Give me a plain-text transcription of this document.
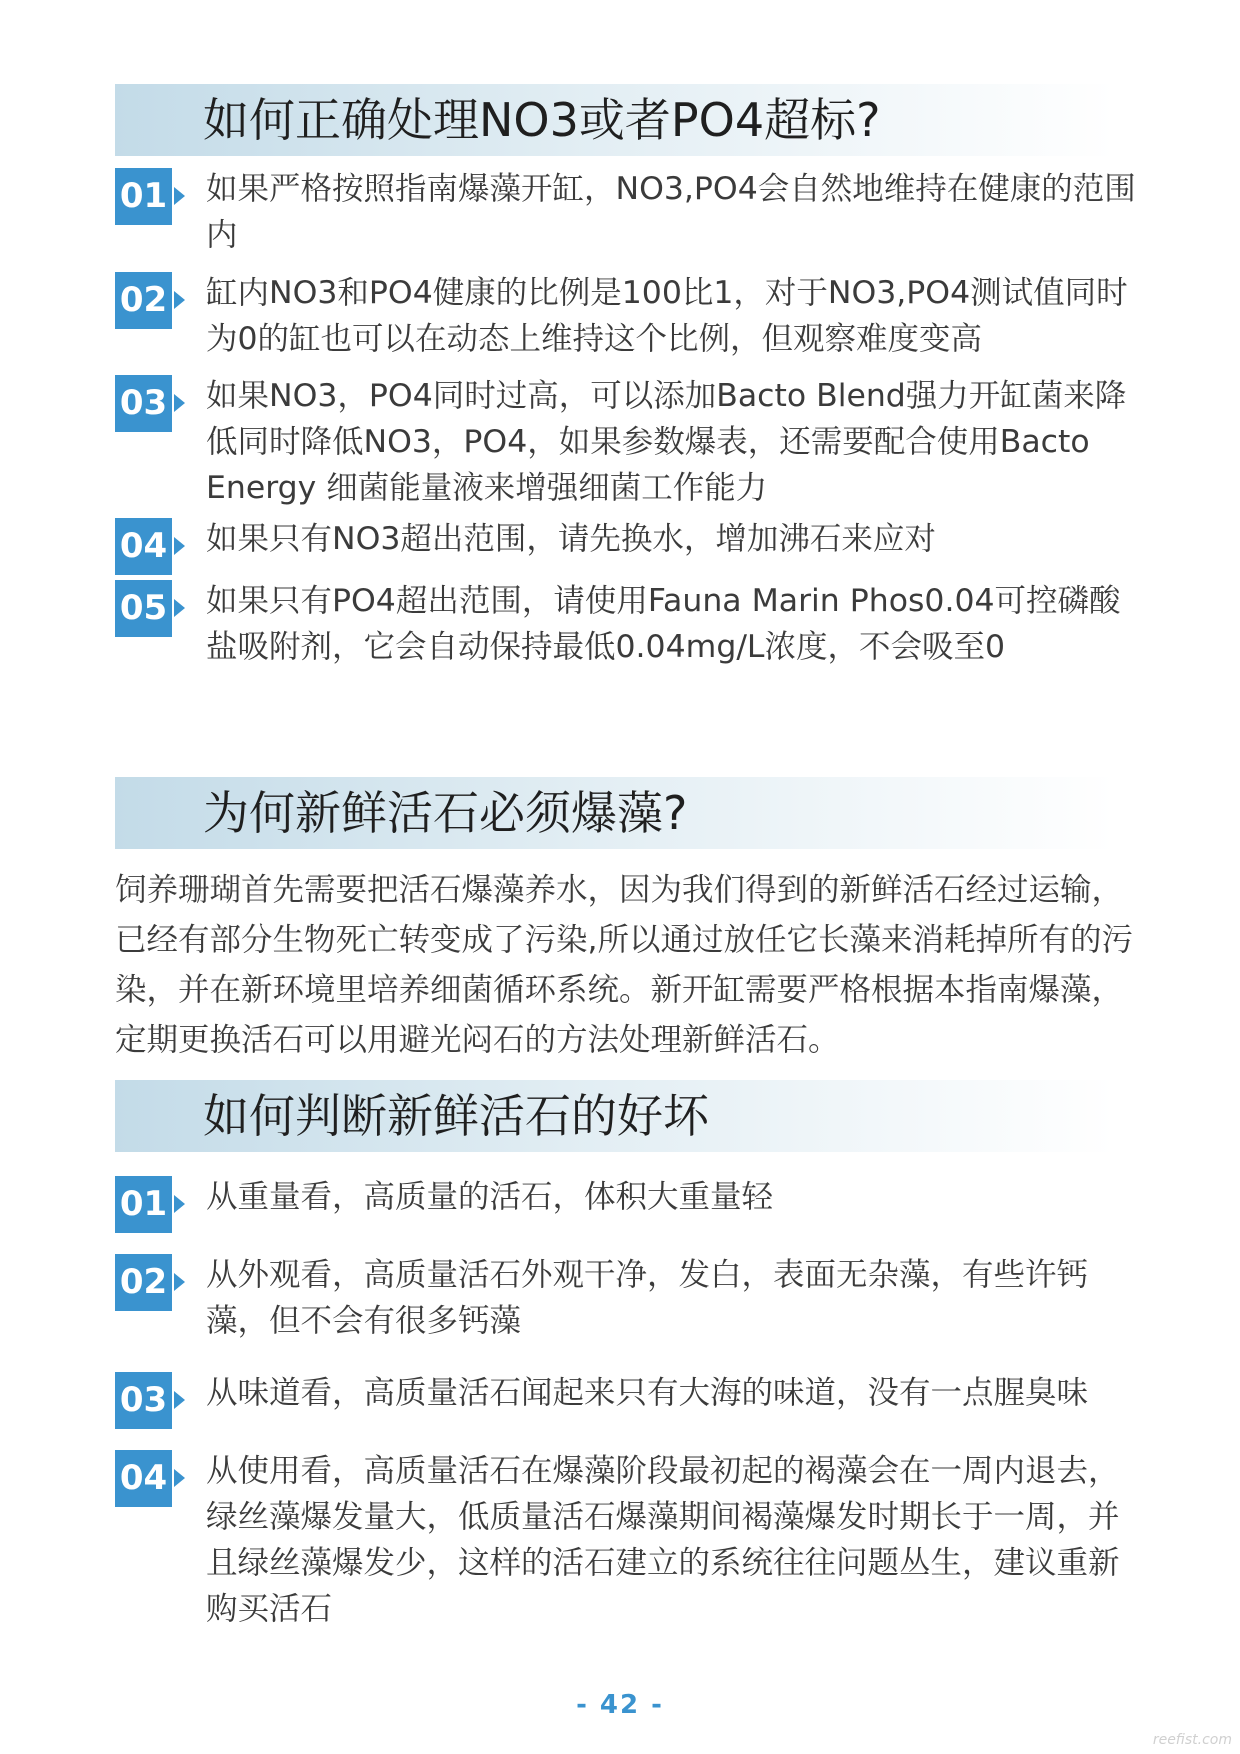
如何正确处理NO3或者PO4超标?
01 如果严格按照指南爆藻开缸，NO3,PO4会自然地维持在健康的范围内
02 缸内NO3和PO4健康的比例是100比1，对于NO3,PO4测试值同时为0的缸也可以在动态上维持这个比例，但观察难度变高
03 如果NO3，PO4同时过高，可以添加Bacto Blend强力开缸菌来降低同时降低NO3，PO4，如果参数爆表，还需要配合使用Bacto Energy 细菌能量液来增强细菌工作能力
04 如果只有NO3超出范围，请先换水，增加沸石来应对
05 如果只有PO4超出范围，请使用Fauna Marin Phos0.04可控磷酸盐吸附剂，它会自动保持最低0.04mg/L浓度，不会吸至0
为何新鲜活石必须爆藻?
饲养珊瑚首先需要把活石爆藻养水，因为我们得到的新鲜活石经过运输，已经有部分生物死亡转变成了污染,所以通过放任它长藻来消耗掉所有的污染，并在新环境里培养细菌循环系统。新开缸需要严格根据本指南爆藻，定期更换活石可以用避光闷石的方法处理新鲜活石。
如何判断新鲜活石的好坏
01 从重量看，高质量的活石，体积大重量轻
02 从外观看，高质量活石外观干净，发白，表面无杂藻，有些许钙藻，但不会有很多钙藻
03 从味道看，高质量活石闻起来只有大海的味道，没有一点腥臭味
04 从使用看，高质量活石在爆藻阶段最初起的褐藻会在一周内退去，绿丝藻爆发量大，低质量活石爆藻期间褐藻爆发时期长于一周，并且绿丝藻爆发少，这样的活石建立的系统往往问题丛生，建议重新购买活石
- 42 -
reefist.com
